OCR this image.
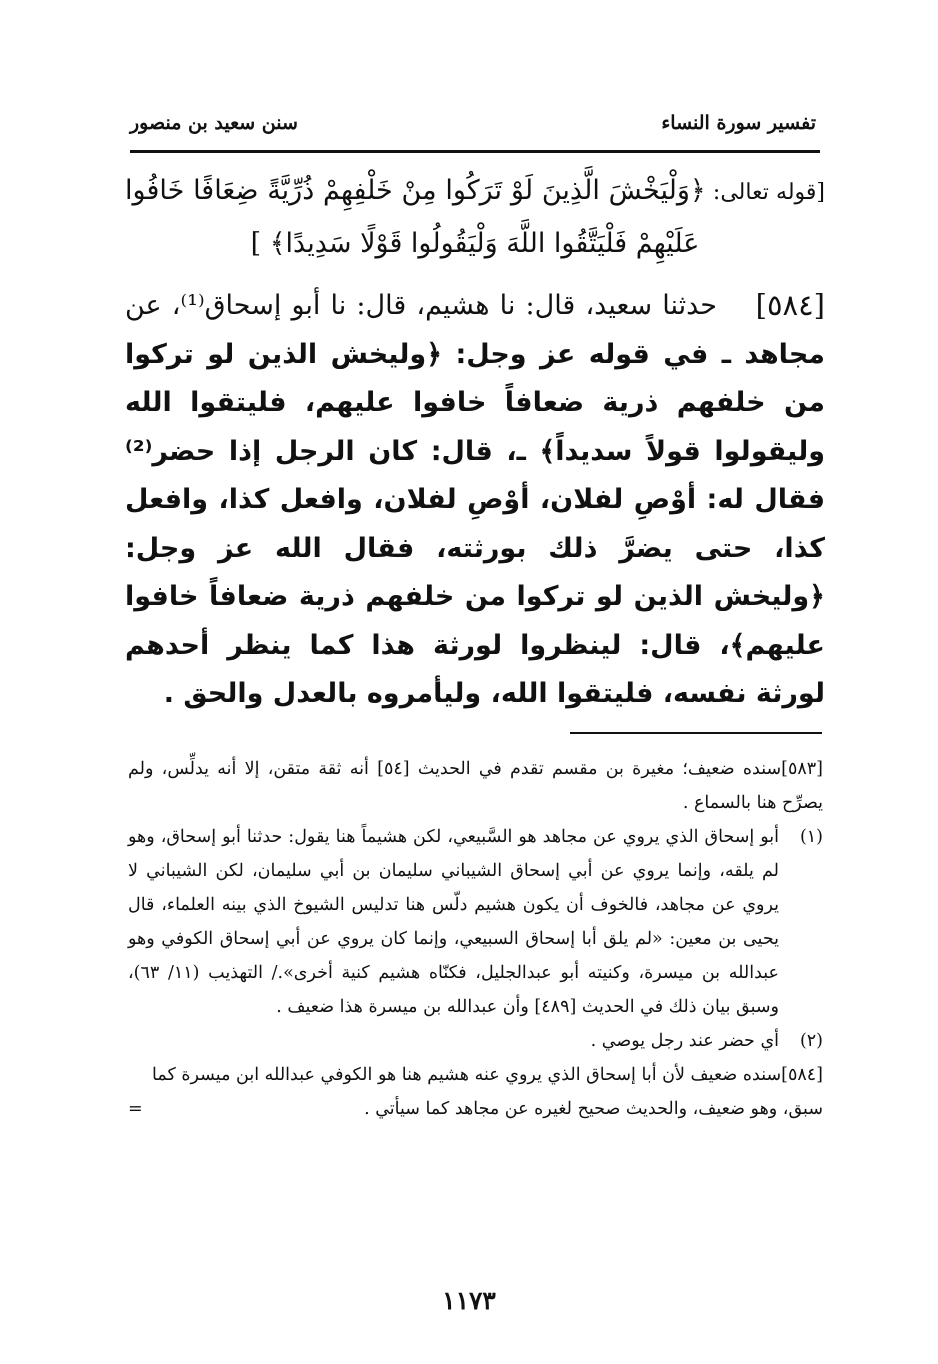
تفسير سورة النساء
سنن سعيد بن منصور
[قوله تعالى: ﴿وَلْيَخْشَ الَّذِينَ لَوْ تَرَكُوا مِنْ خَلْفِهِمْ ذُرِّيَّةً ضِعَافًا خَافُوا عَلَيْهِمْ فَلْيَتَّقُوا اللَّهَ وَلْيَقُولُوا قَوْلًا سَدِيدًا﴾ ]
[٥٨٤]
حدثنا سعيد، قال: نا هشيم، قال: نا أبو إسحاق⁽¹⁾، عن مجاهد ـ في قوله عز وجل: ﴿وليخش الذين لو تركوا من خلفهم ذرية ضعافاً خافوا عليهم، فليتقوا الله وليقولوا قولاً سديداً﴾ ـ، قال: كان الرجل إذا حضر⁽²⁾ فقال له: أوْصِ لفلان، أوْصِ لفلان، وافعل كذا، وافعل كذا، حتى يضرَّ ذلك بورثته، فقال الله عز وجل: ﴿وليخش الذين لو تركوا من خلفهم ذرية ضعافاً خافوا عليهم﴾، قال: لينظروا لورثة هذا كما ينظر أحدهم لورثة نفسه، فليتقوا الله، وليأمروه بالعدل والحق .

[٥٨٣]سنده ضعيف؛ مغيرة بن مقسم تقدم في الحديث [٥٤] أنه ثقة متقن، إلا أنه يدلِّس، ولم يصرِّح هنا بالسماع .

(١)
أبو إسحاق الذي يروي عن مجاهد هو السَّبيعي، لكن هشيماً هنا يقول: حدثنا أبو إسحاق، وهو لم يلقه، وإنما يروي عن أبي إسحاق الشيباني سليمان بن أبي سليمان، لكن الشيباني لا يروي عن مجاهد، فالخوف أن يكون هشيم دلّس هنا تدليس الشيوخ الذي بينه العلماء، قال يحيى بن معين: «لم يلق أبا إسحاق السبيعي، وإنما كان يروي عن أبي إسحاق الكوفي وهو عبدالله بن ميسرة، وكنيته أبو عبدالجليل، فكنّاه هشيم كنية أخرى»./ التهذيب (١١/ ٦٣)، وسبق بيان ذلك في الحديث [٤٨٩] وأن عبدالله بن ميسرة هذا ضعيف .

(٢)
أي حضر عند رجل يوصي .

[٥٨٤]سنده ضعيف لأن أبا إسحاق الذي يروي عنه هشيم هنا هو الكوفي عبدالله ابن ميسرة كما سبق، وهو ضعيف، والحديث صحيح لغيره عن مجاهد كما سيأتي .
=

١١٧٣
